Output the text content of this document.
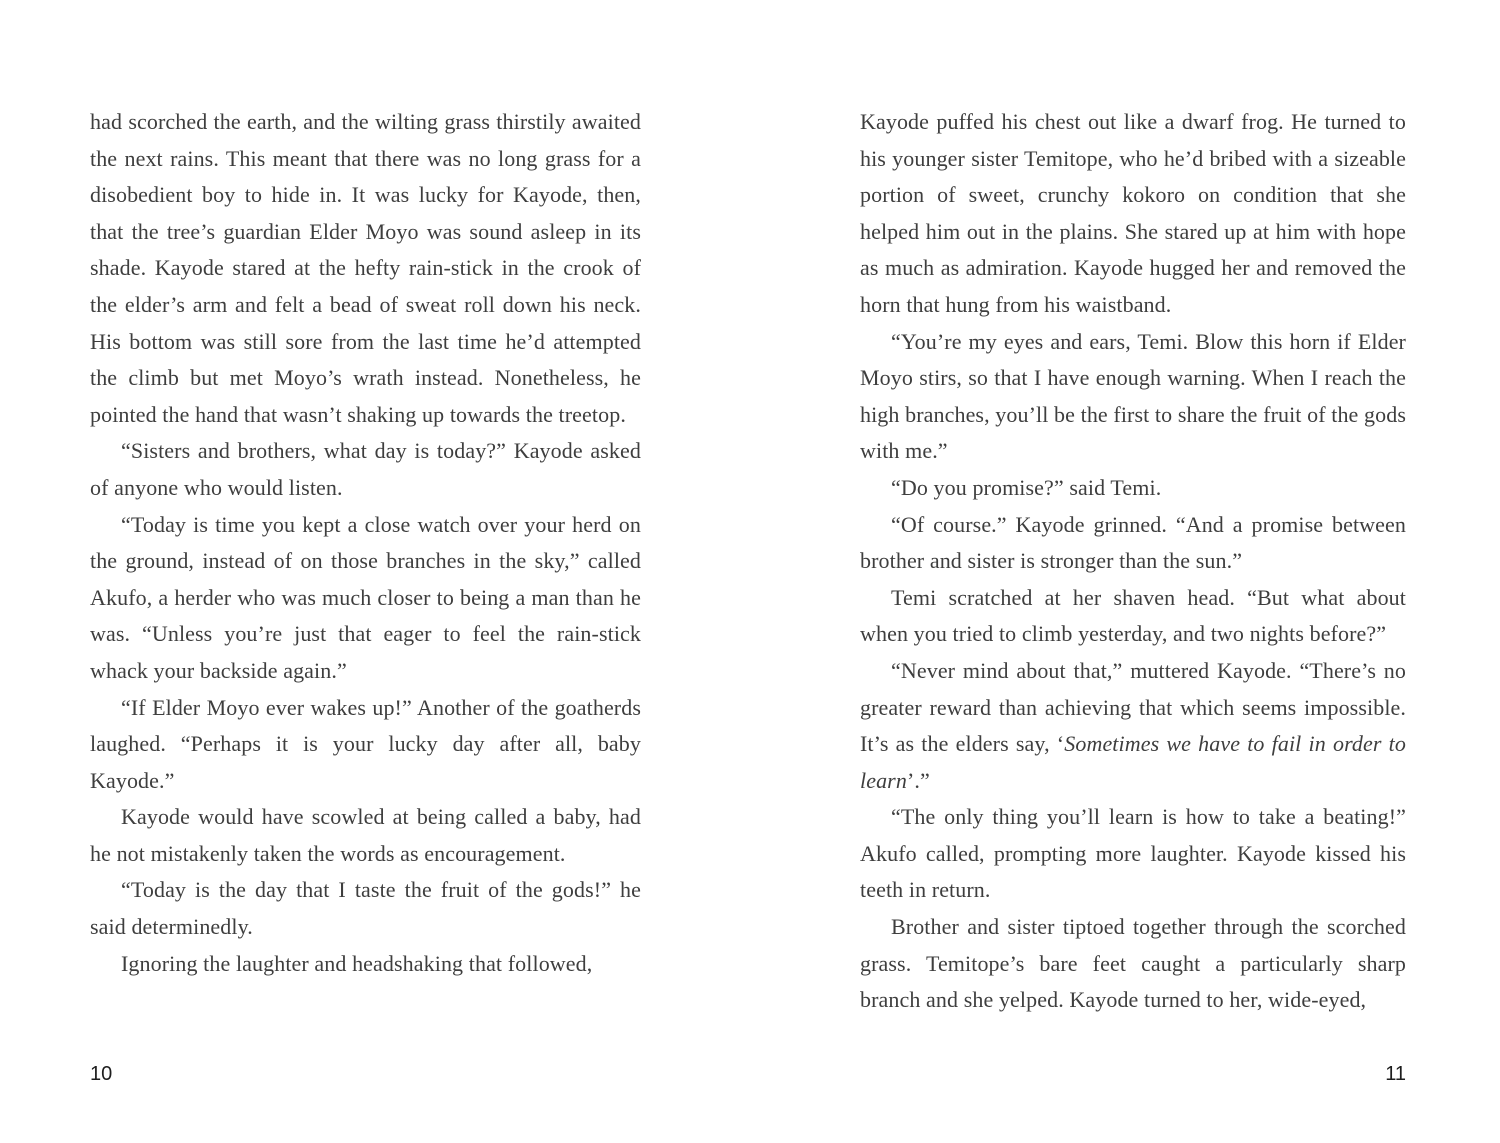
had scorched the earth, and the wilting grass thirstily awaited the next rains. This meant that there was no long grass for a disobedient boy to hide in. It was lucky for Kayode, then, that the tree’s guardian Elder Moyo was sound asleep in its shade. Kayode stared at the hefty rain-stick in the crook of the elder’s arm and felt a bead of sweat roll down his neck. His bottom was still sore from the last time he’d attempted the climb but met Moyo’s wrath instead. Nonetheless, he pointed the hand that wasn’t shaking up towards the treetop.

“Sisters and brothers, what day is today?” Kayode asked of anyone who would listen.

“Today is time you kept a close watch over your herd on the ground, instead of on those branches in the sky,” called Akufo, a herder who was much closer to being a man than he was. “Unless you’re just that eager to feel the rain-stick whack your backside again.”

“If Elder Moyo ever wakes up!” Another of the goatherds laughed. “Perhaps it is your lucky day after all, baby Kayode.”

Kayode would have scowled at being called a baby, had he not mistakenly taken the words as encouragement.

“Today is the day that I taste the fruit of the gods!” he said determinedly.

Ignoring the laughter and headshaking that followed,

10

Kayode puffed his chest out like a dwarf frog. He turned to his younger sister Temitope, who he’d bribed with a sizeable portion of sweet, crunchy kokoro on condition that she helped him out in the plains. She stared up at him with hope as much as admiration. Kayode hugged her and removed the horn that hung from his waistband.

“You’re my eyes and ears, Temi. Blow this horn if Elder Moyo stirs, so that I have enough warning. When I reach the high branches, you’ll be the first to share the fruit of the gods with me.”

“Do you promise?” said Temi.

“Of course.” Kayode grinned. “And a promise between brother and sister is stronger than the sun.”

Temi scratched at her shaven head. “But what about when you tried to climb yesterday, and two nights before?”

“Never mind about that,” muttered Kayode. “There’s no greater reward than achieving that which seems impossible. It’s as the elders say, ‘Sometimes we have to fail in order to learn’.”

“The only thing you’ll learn is how to take a beating!” Akufo called, prompting more laughter. Kayode kissed his teeth in return.

Brother and sister tiptoed together through the scorched grass. Temitope’s bare feet caught a particularly sharp branch and she yelped. Kayode turned to her, wide-eyed,

11
